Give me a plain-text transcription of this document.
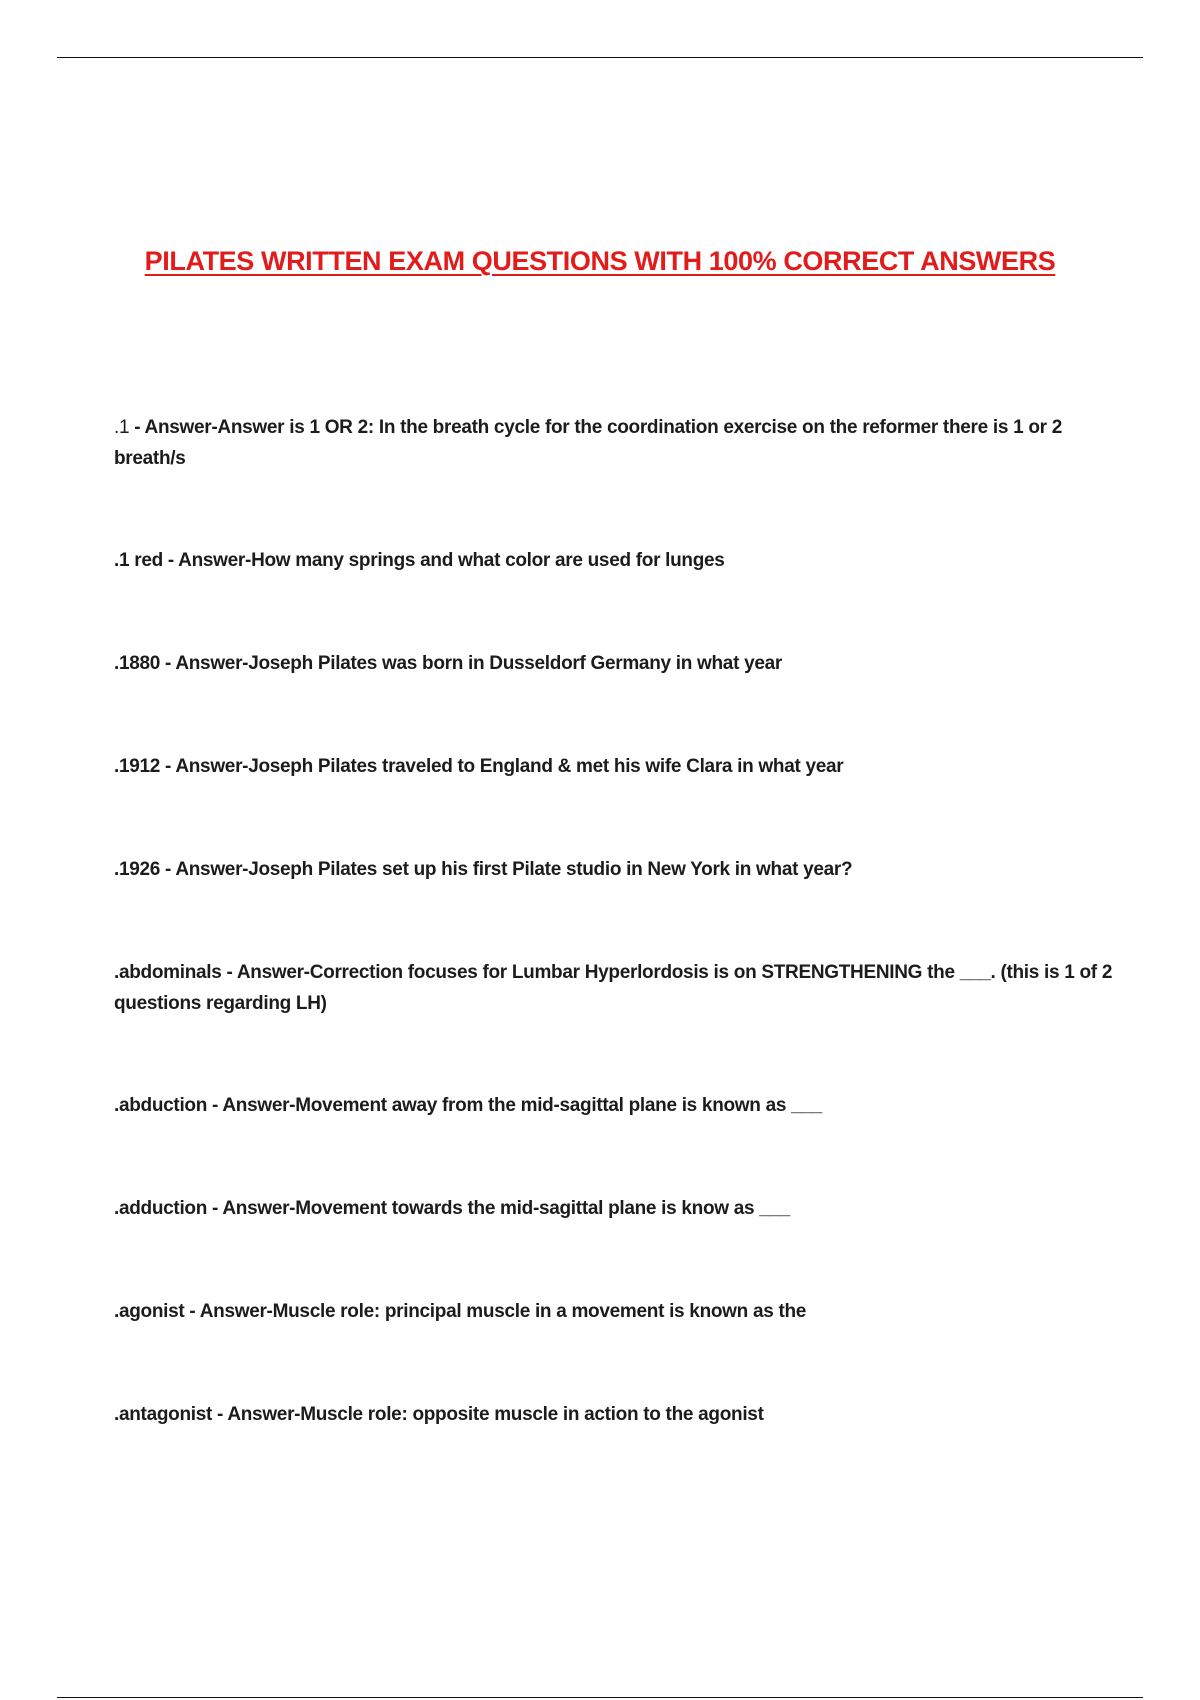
PILATES WRITTEN EXAM QUESTIONS WITH 100% CORRECT ANSWERS
.1 - Answer-Answer is 1 OR 2: In the breath cycle for the coordination exercise on the reformer there is 1 or 2 breath/s
.1 red - Answer-How many springs and what color are used for lunges
.1880 - Answer-Joseph Pilates was born in Dusseldorf Germany in what year
.1912 - Answer-Joseph Pilates traveled to England & met his wife Clara in what year
.1926 - Answer-Joseph Pilates set up his first Pilate studio in New York in what year?
.abdominals - Answer-Correction focuses for Lumbar Hyperlordosis is on STRENGTHENING the ___. (this is 1 of 2 questions regarding LH)
.abduction - Answer-Movement away from the mid-sagittal plane is known as ___
.adduction - Answer-Movement towards the mid-sagittal plane is know as ___
.agonist - Answer-Muscle role: principal muscle in a movement is known as the
.antagonist - Answer-Muscle role: opposite muscle in action to the agonist
